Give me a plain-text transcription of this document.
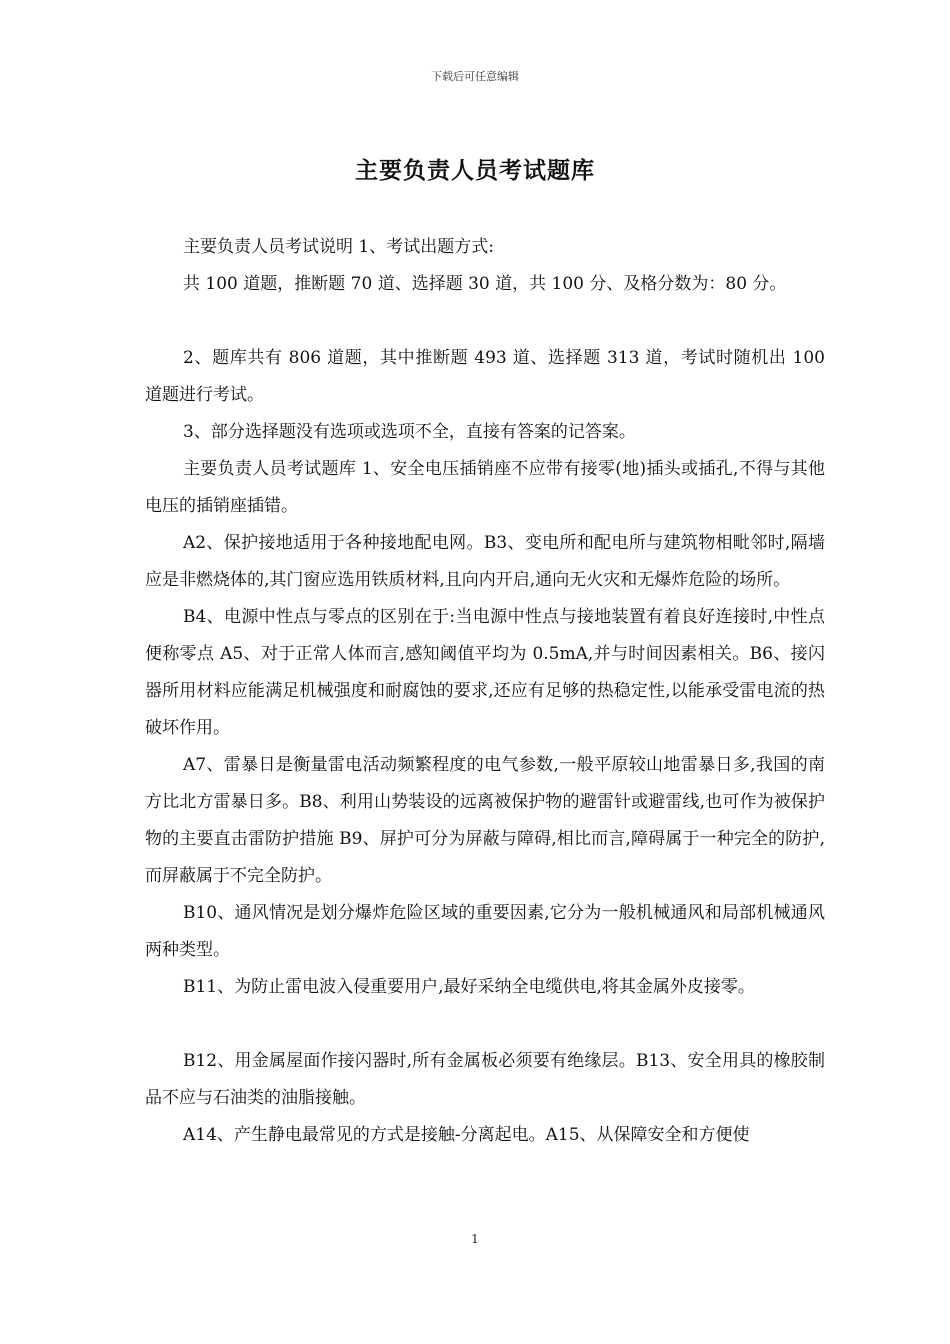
下载后可任意编辑
主要负责人员考试题库

主要负责人员考试说明 1、考试出题方式:

共 100 道题，推断题 70 道、选择题 30 道，共 100 分、及格分数为：80 分。

2、题库共有 806 道题，其中推断题 493 道、选择题 313 道，考试时随机出 100 道题进行考试。

3、部分选择题没有选项或选项不全，直接有答案的记答案。

主要负责人员考试题库 1、安全电压插销座不应带有接零(地)插头或插孔,不得与其他电压的插销座插错。

A2、保护接地适用于各种接地配电网。B3、变电所和配电所与建筑物相毗邻时,隔墙应是非燃烧体的,其门窗应选用铁质材料,且向内开启,通向无火灾和无爆炸危险的场所。

B4、电源中性点与零点的区别在于:当电源中性点与接地装置有着良好连接时,中性点便称零点 A5、对于正常人体而言,感知阈值平均为 0.5mA,并与时间因素相关。B6、接闪器所用材料应能满足机械强度和耐腐蚀的要求,还应有足够的热稳定性,以能承受雷电流的热破坏作用。

A7、雷暴日是衡量雷电活动频繁程度的电气参数,一般平原较山地雷暴日多,我国的南方比北方雷暴日多。B8、利用山势装设的远离被保护物的避雷针或避雷线,也可作为被保护物的主要直击雷防护措施 B9、屏护可分为屏蔽与障碍,相比而言,障碍属于一种完全的防护,而屏蔽属于不完全防护。

B10、通风情况是划分爆炸危险区域的重要因素,它分为一般机械通风和局部机械通风两种类型。

B11、为防止雷电波入侵重要用户,最好采纳全电缆供电,将其金属外皮接零。

B12、用金属屋面作接闪器时,所有金属板必须要有绝缘层。B13、安全用具的橡胶制品不应与石油类的油脂接触。

A14、产生静电最常见的方式是接触-分离起电。A15、从保障安全和方便使

1
